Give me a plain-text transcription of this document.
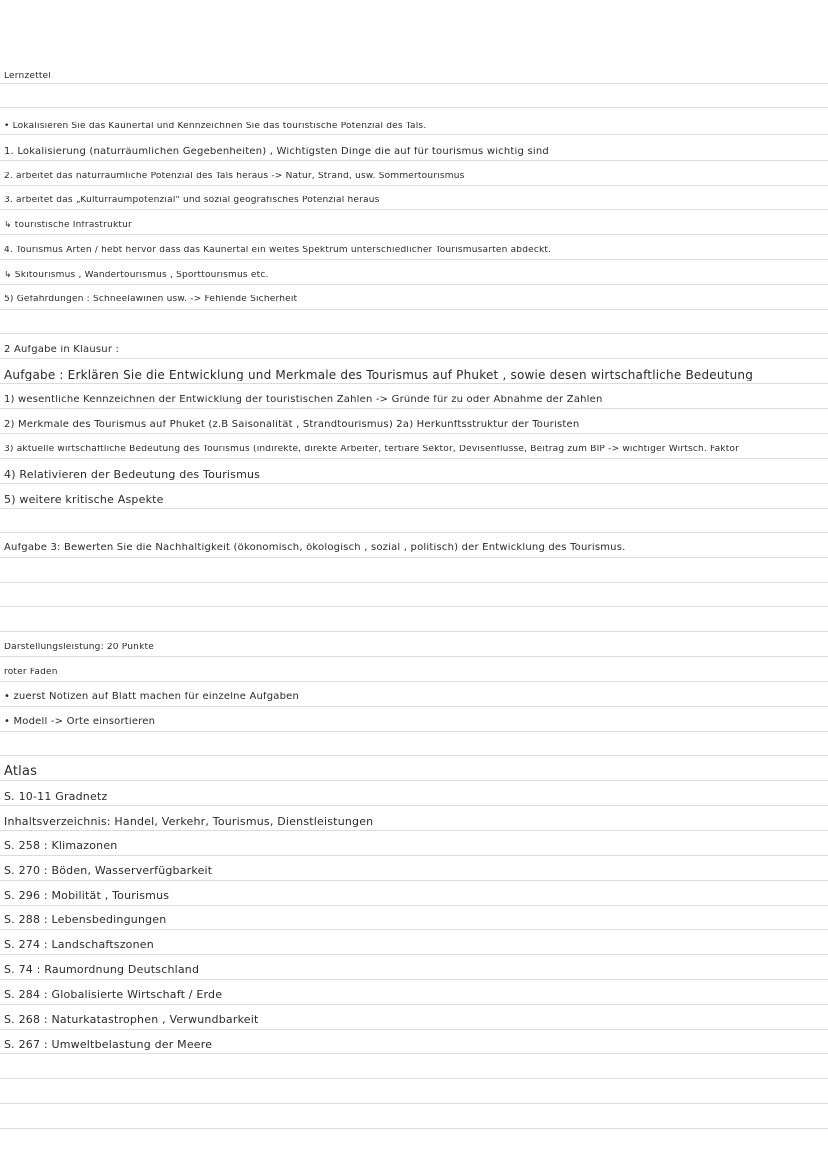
Lernzettel
• Lokalisieren Sie das Kaunertal und Kennzeichnen Sie das touristische Potenzial des Tals.
1. Lokalisierung (naturräumlichen Gegebenheiten) , Wichtigsten Dinge die auf für tourismus wichtig sind
2. arbeitet das naturräumliche Potenzial des Tals heraus -> Natur, Strand, usw. Sommertourismus
3. arbeitet das „Kulturraumpotenzial" und sozial geografisches Potenzial heraus
↳ touristische Infrastruktur
4. Tourismus Arten / hebt hervor dass das Kaunertal ein weites Spektrum unterschiedlicher Tourismusarten abdeckt.
↳ Skitourismus , Wandertourismus , Sporttourismus etc.
5) Gefährdungen : Schneelawinen usw. -> Fehlende Sicherheit
2 Aufgabe in Klausur :
Aufgabe : Erklären Sie die Entwicklung und Merkmale des Tourismus auf Phuket , sowie desen wirtschaftliche Bedeutung
1) wesentliche Kennzeichnen der Entwicklung der touristischen Zahlen -> Gründe für zu oder Abnahme der Zahlen
2) Merkmale des Tourismus auf Phuket (z.B Saisonalität , Strandtourismus) 2a) Herkunftsstruktur der Touristen
3) aktuelle wirtschaftliche Bedeutung des Tourismus (indirekte, direkte Arbeiter, tertiäre Sektor, Devisenflüsse, Beitrag zum BIP -> wichtiger Wirtsch. Faktor
4) Relativieren der Bedeutung des Tourismus
5) weitere kritische Aspekte
Aufgabe 3: Bewerten Sie die Nachhaltigkeit (ökonomisch, ökologisch , sozial , politisch) der Entwicklung des Tourismus.
Darstellungsleistung: 20 Punkte
roter Faden
• zuerst Notizen auf Blatt machen für einzelne Aufgaben
• Modell -> Orte einsortieren
Atlas
S. 10-11 Gradnetz
Inhaltsverzeichnis: Handel, Verkehr, Tourismus, Dienstleistungen
S. 258 : Klimazonen
S. 270 : Böden, Wasserverfügbarkeit
S. 296 : Mobilität , Tourismus
S. 288 : Lebensbedingungen
S. 274 : Landschaftszonen
S. 74 : Raumordnung Deutschland
S. 284 : Globalisierte Wirtschaft / Erde
S. 268 : Naturkatastrophen , Verwundbarkeit
S. 267 : Umweltbelastung der Meere
